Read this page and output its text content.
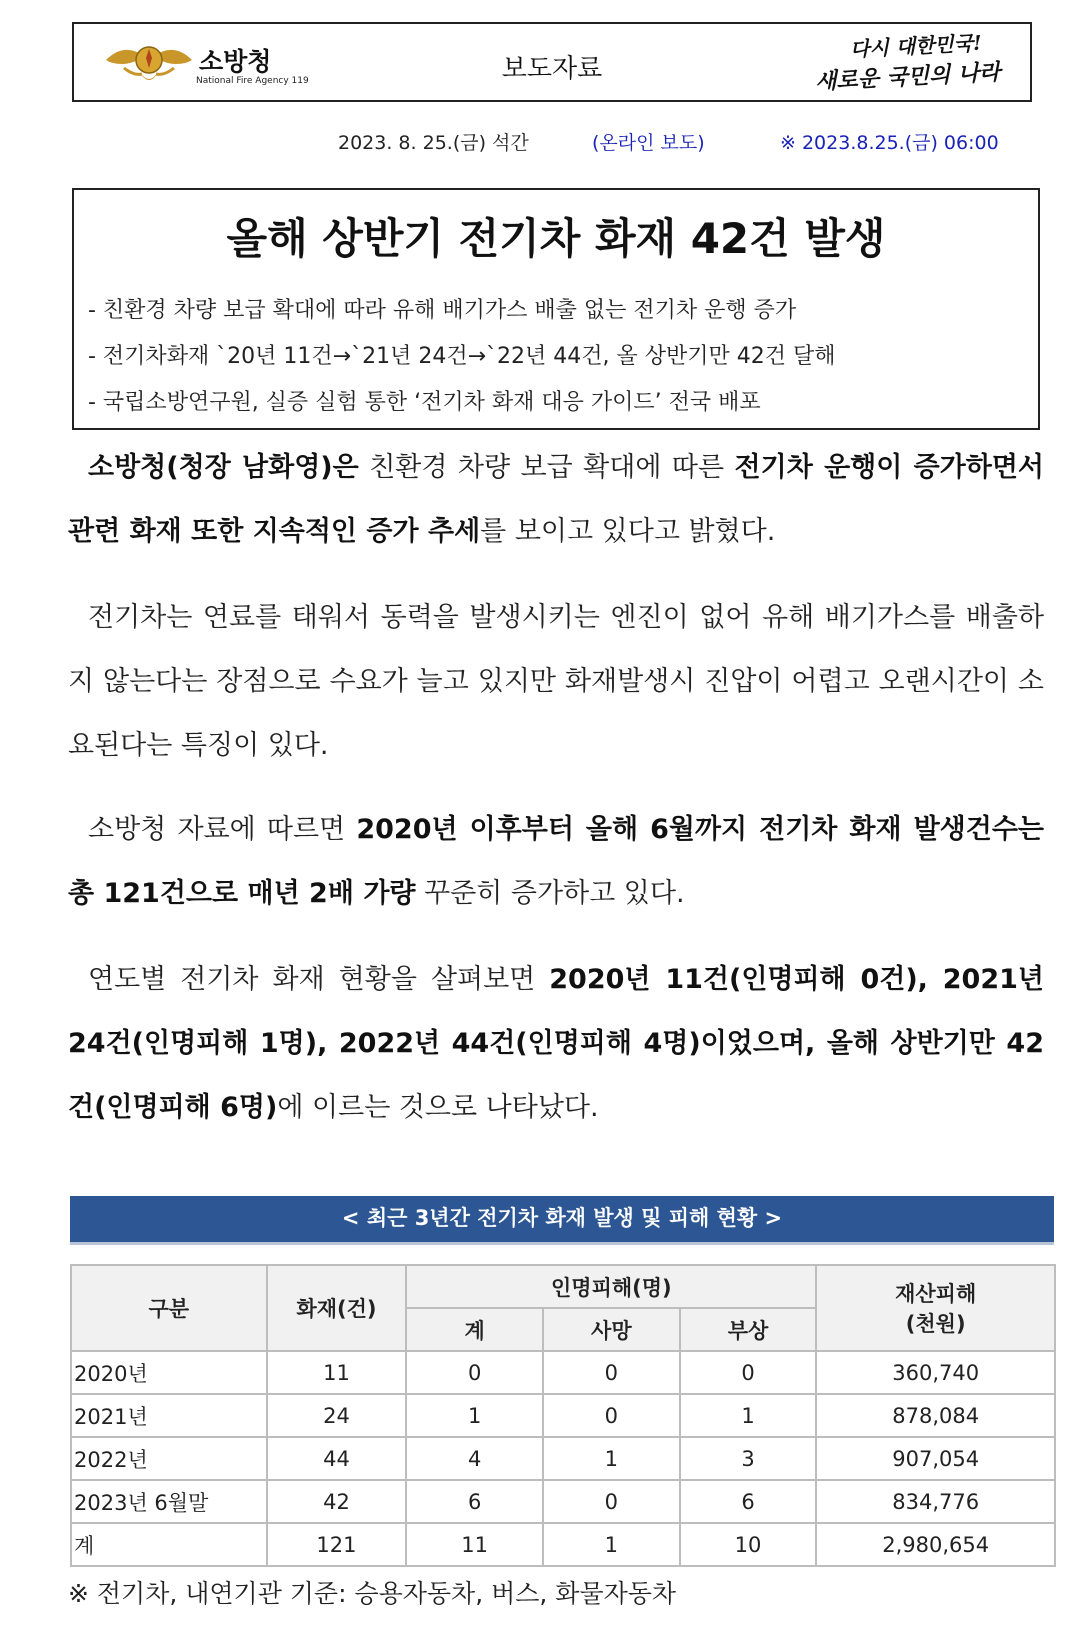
소방청
National Fire Agency 119	보도자료
다시 대한민국!
새로운 국민의 나라
2023. 8. 25.(금) 석간	(온라인 보도)	※ 2023.8.25.(금) 06:00
올해 상반기 전기차 화재 42건 발생
- 친환경 차량 보급 확대에 따라 유해 배기가스 배출 없는 전기차 운행 증가
- 전기차화재 `20년 11건→`21년 24건→`22년 44건, 올 상반기만 42건 달해
- 국립소방연구원, 실증 실험 통한 ‘전기차 화재 대응 가이드’ 전국 배포

소방청(청장 남화영)은 친환경 차량 보급 확대에 따른 전기차 운행이 증가하면서 관련 화재 또한 지속적인 증가 추세를 보이고 있다고 밝혔다.

전기차는 연료를 태워서 동력을 발생시키는 엔진이 없어 유해 배기가스를 배출하지 않는다는 장점으로 수요가 늘고 있지만 화재발생시 진압이 어렵고 오랜시간이 소요된다는 특징이 있다.

소방청 자료에 따르면 2020년 이후부터 올해 6월까지 전기차 화재 발생건수는 총 121건으로 매년 2배 가량 꾸준히 증가하고 있다.

연도별 전기차 화재 현황을 살펴보면 2020년 11건(인명피해 0건), 2021년 24건(인명피해 1명), 2022년 44건(인명피해 4명)이었으며, 올해 상반기만 42건(인명피해 6명)에 이르는 것으로 나타났다.

< 최근 3년간 전기차 화재 발생 및 피해 현황 >
구분	화재(건)	인명피해(명)			재산피해
(천원)

		계	사망	부상	
2020년	11	0	0	0	360,740
2021년	24	1	0	1	878,084
2022년	44	4	1	3	907,054
2023년 6월말	42	6	0	6	834,776
계	121	11	1	10	2,980,654
※ 전기차, 내연기관 기준: 승용자동차, 버스, 화물자동차
